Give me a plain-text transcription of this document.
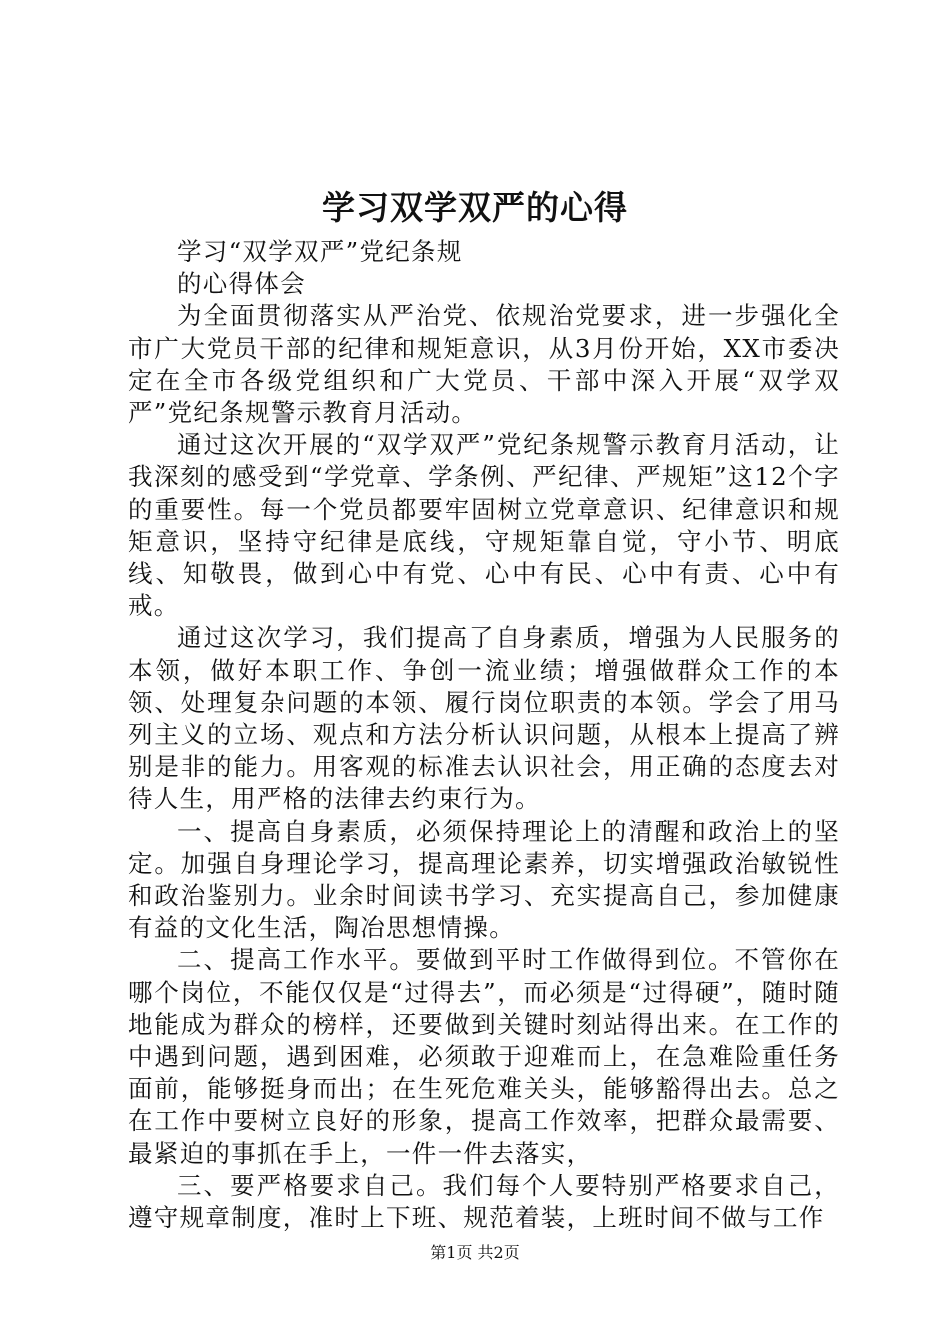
学习双学双严的心得

学习“双学双严”党纪条规

的心得体会

为全面贯彻落实从严治党、依规治党要求，进一步强化全市广大党员干部的纪律和规矩意识，从3月份开始，XX市委决定在全市各级党组织和广大党员、干部中深入开展“双学双严”党纪条规警示教育月活动。

通过这次开展的“双学双严”党纪条规警示教育月活动，让我深刻的感受到“学党章、学条例、严纪律、严规矩”这12个字的重要性。每一个党员都要牢固树立党章意识、纪律意识和规矩意识，坚持守纪律是底线，守规矩靠自觉，守小节、明底线、知敬畏，做到心中有党、心中有民、心中有责、心中有戒。

通过这次学习，我们提高了自身素质，增强为人民服务的本领，做好本职工作、争创一流业绩；增强做群众工作的本领、处理复杂问题的本领、履行岗位职责的本领。学会了用马列主义的立场、观点和方法分析认识问题，从根本上提高了辨别是非的能力。用客观的标准去认识社会，用正确的态度去对待人生，用严格的法律去约束行为。

一、提高自身素质，必须保持理论上的清醒和政治上的坚定。加强自身理论学习，提高理论素养，切实增强政治敏锐性和政治鉴别力。业余时间读书学习、充实提高自己，参加健康有益的文化生活，陶冶思想情操。

二、提高工作水平。要做到平时工作做得到位。不管你在哪个岗位，不能仅仅是“过得去”，而必须是“过得硬”，随时随地能成为群众的榜样，还要做到关键时刻站得出来。在工作的中遇到问题，遇到困难，必须敢于迎难而上，在急难险重任务面前，能够挺身而出；在生死危难关头，能够豁得出去。总之在工作中要树立良好的形象，提高工作效率，把群众最需要、最紧迫的事抓在手上，一件一件去落实，

三、要严格要求自己。我们每个人要特别严格要求自己，遵守规章制度，准时上下班、规范着装，上班时间不做与工作

第1页 共2页
